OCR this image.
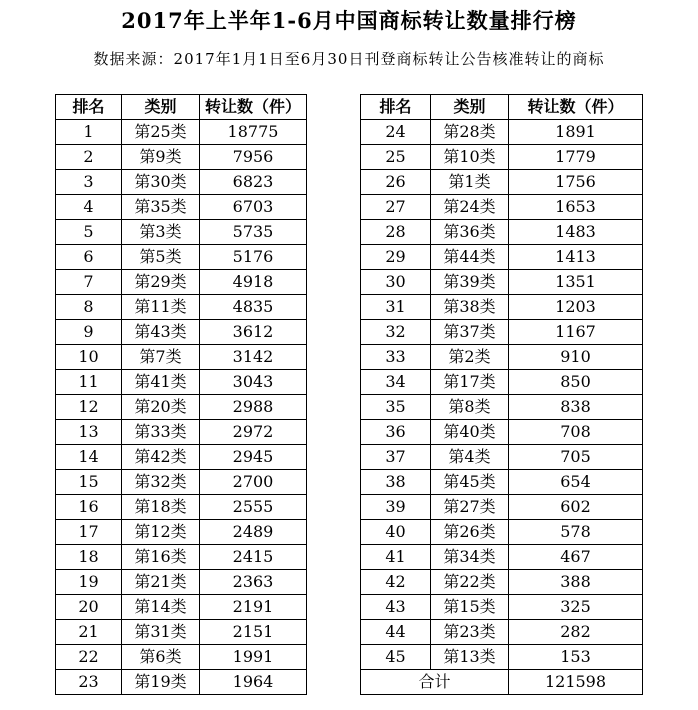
2017年上半年1-6月中国商标转让数量排行榜
数据来源：2017年1月1日至6月30日刊登商标转让公告核准转让的商标
排名	类别	转让数（件）
1	第25类	18775
2	第9类	7956
3	第30类	6823
4	第35类	6703
5	第3类	5735
6	第5类	5176
7	第29类	4918
8	第11类	4835
9	第43类	3612
10	第7类	3142
11	第41类	3043
12	第20类	2988
13	第33类	2972
14	第42类	2945
15	第32类	2700
16	第18类	2555
17	第12类	2489
18	第16类	2415
19	第21类	2363
20	第14类	2191
21	第31类	2151
22	第6类	1991
23	第19类	1964
排名	类别	转让数（件）
24	第28类	1891
25	第10类	1779
26	第1类	1756
27	第24类	1653
28	第36类	1483
29	第44类	1413
30	第39类	1351
31	第38类	1203
32	第37类	1167
33	第2类	910
34	第17类	850
35	第8类	838
36	第40类	708
37	第4类	705
38	第45类	654
39	第27类	602
40	第26类	578
41	第34类	467
42	第22类	388
43	第15类	325
44	第23类	282
45	第13类	153
合计		121598
